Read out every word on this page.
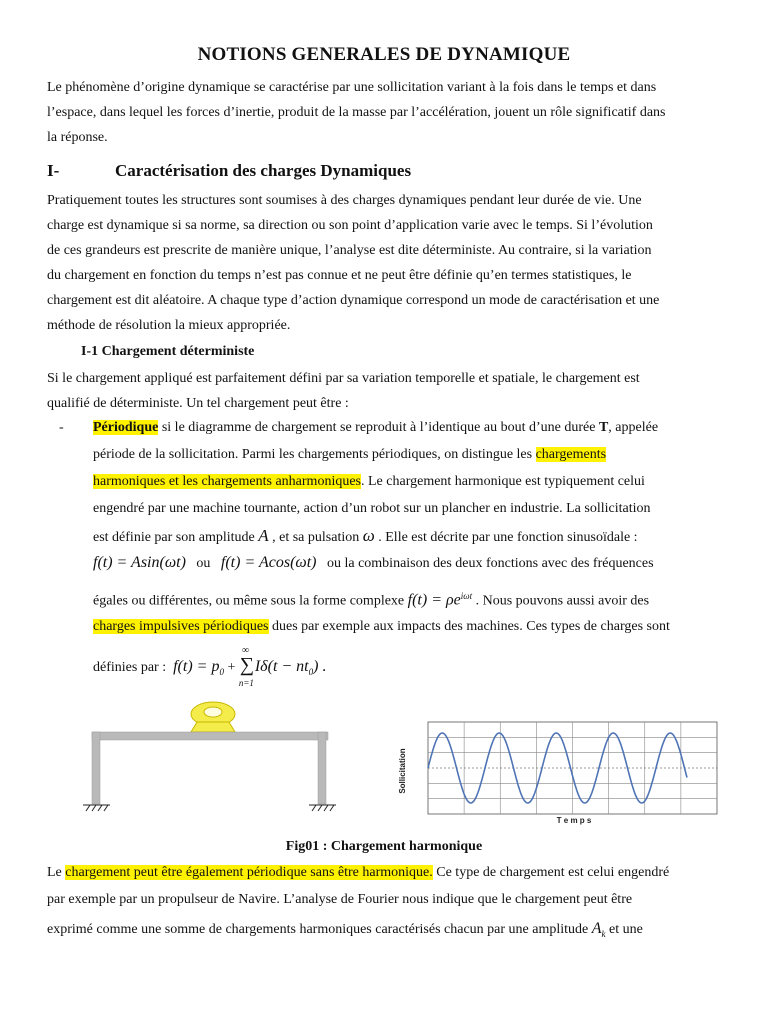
NOTIONS GENERALES DE DYNAMIQUE
Le phénomène d’origine dynamique se caractérise par une sollicitation variant à la fois dans le temps et dans
l’espace, dans lequel les forces d’inertie, produit de la masse par l’accélération, jouent un rôle significatif dans
la réponse.
I-	Caractérisation des charges Dynamiques
Pratiquement toutes les structures sont soumises à des charges dynamiques pendant leur durée de vie. Une
charge est dynamique si sa norme, sa direction ou son point d’application varie avec le temps. Si l’évolution
de ces grandeurs est prescrite de manière unique, l’analyse est dite déterministe. Au contraire, si la variation
du chargement en fonction du temps n’est pas connue et ne peut être définie qu’en termes statistiques, le
chargement est dit aléatoire. A chaque type d’action dynamique correspond un mode de caractérisation et une
méthode de résolution la mieux appropriée.
I-1 Chargement déterministe
Si le chargement appliqué est parfaitement défini par sa variation temporelle et spatiale, le chargement est
qualifié de déterministe. Un tel chargement peut être :
- Périodique si le diagramme de chargement se reproduit à l’identique au bout d’une durée T, appelée
période de la sollicitation. Parmi les chargements périodiques, on distingue les chargements
harmoniques et les chargements anharmoniques. Le chargement harmonique est typiquement celui
engendré par une machine tournante, action d’un robot sur un plancher en industrie. La sollicitation
est définie par son amplitude A , et sa pulsation ω . Elle est décrite par une fonction sinusoïdale :
f(t) = Asin(ωt) ou f(t) = Acos(ωt) ou la combinaison des deux fonctions avec des fréquences
égales ou différentes, ou même sous la forme complexe $f(t) = \rho e^{i\omega t}$ . Nous pouvons aussi avoir des
charges impulsives périodiques dues par exemple aux impacts des machines. Ces types de charges sont
définies par : $f(t) = p_0$ + ∑
∞
n=1
$I\delta(t - nt_0)$ .
Fig01 : Chargement harmonique
Le chargement peut être également périodique sans être harmonique. Ce type de chargement est celui engendré
par exemple par un propulseur de Navire. L’analyse de Fourier nous indique que le chargement peut être
exprimé comme une somme de chargements harmoniques caractérisés chacun par une amplitude $A_k$ et une
Sollicitation
T e m p s
